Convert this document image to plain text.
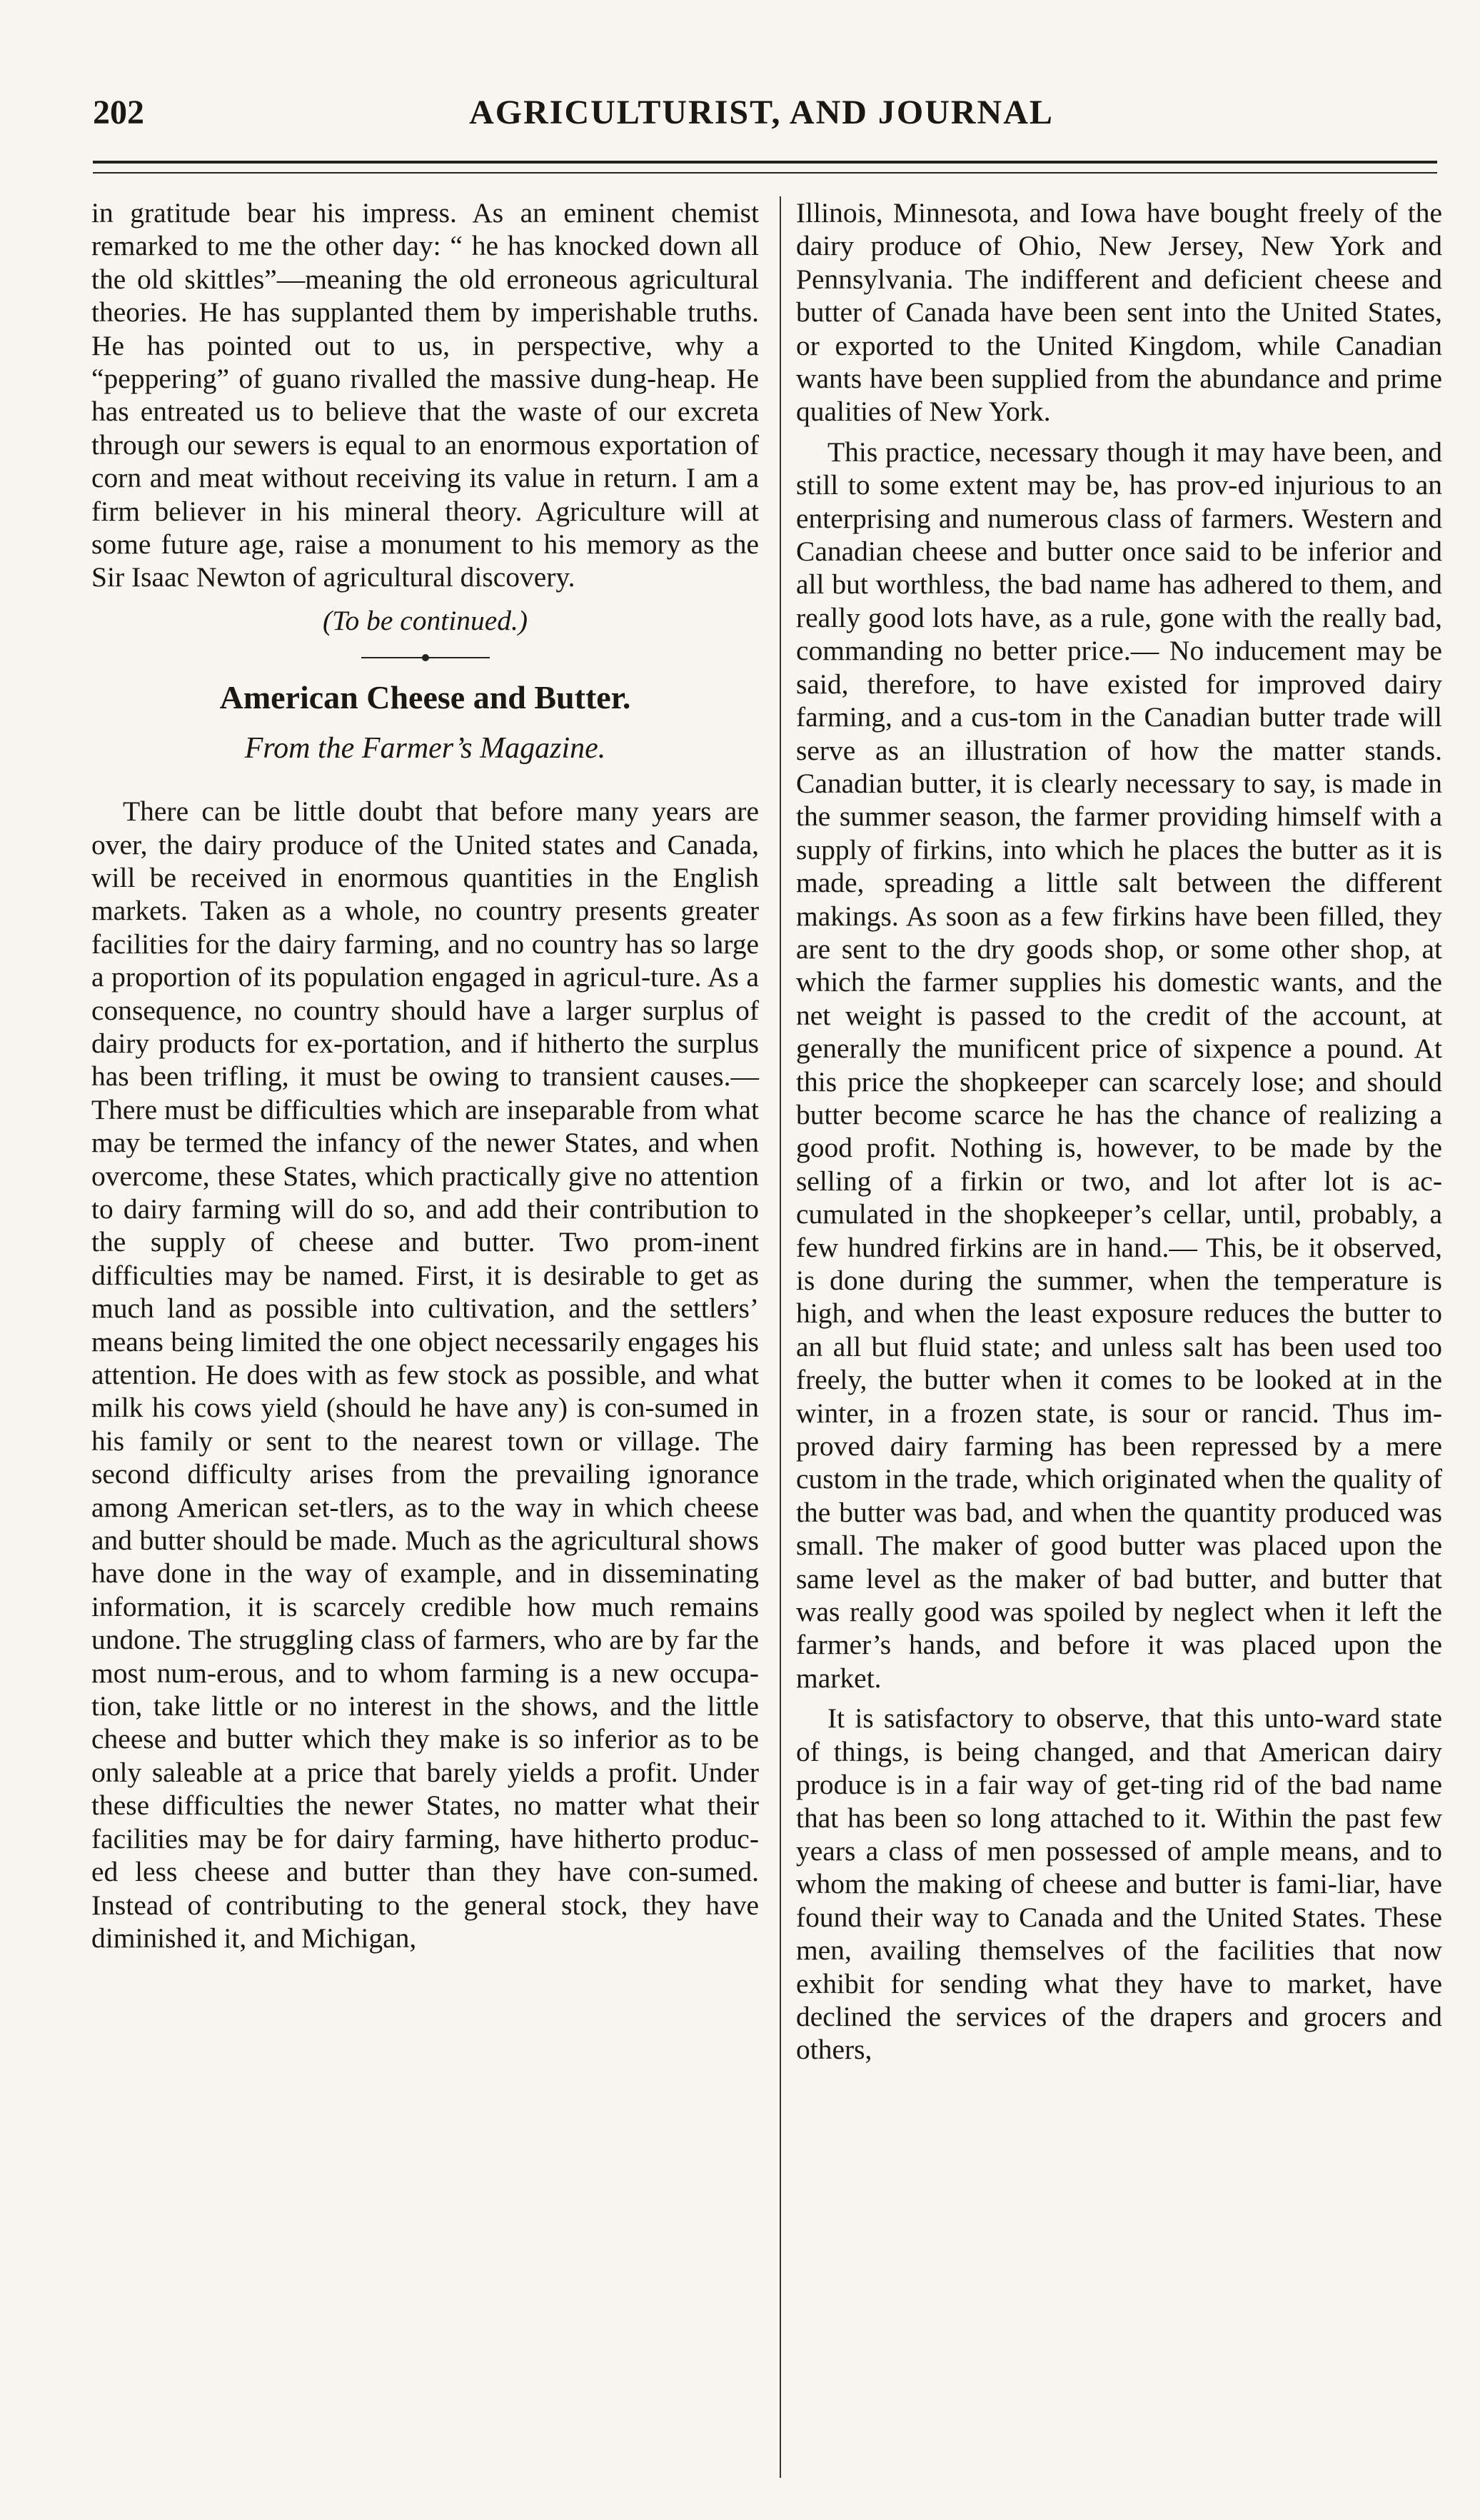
202	AGRICULTURIST, AND JOURNAL

in gratitude bear his impress. As an eminent chemist remarked to me the other day: “ he has knocked down all the old skittles”—meaning the old erroneous agricultural theories. He has supplanted them by imperishable truths. He has pointed out to us, in perspective, why a “peppering” of guano rivalled the massive dung-heap. He has entreated us to believe that the waste of our excreta through our sewers is equal to an enormous exportation of corn and meat without receiving its value in return. I am a firm believer in his mineral theory. Agriculture will at some future age, raise a monument to his memory as the Sir Isaac Newton of agricultural discovery.

(To be continued.)

American Cheese and Butter.
From the Farmer’s Magazine.

There can be little doubt that before many years are over, the dairy produce of the United states and Canada, will be received in enormous quantities in the English markets. Taken as a whole, no country presents greater facilities for the dairy farming, and no country has so large a proportion of its population engaged in agricul-ture. As a consequence, no country should have a larger surplus of dairy products for ex-portation, and if hitherto the surplus has been trifling, it must be owing to transient causes.— There must be difficulties which are inseparable from what may be termed the infancy of the newer States, and when overcome, these States, which practically give no attention to dairy farming will do so, and add their contribution to the supply of cheese and butter. Two prom-inent difficulties may be named. First, it is desirable to get as much land as possible into cultivation, and the settlers’ means being limited the one object necessarily engages his attention. He does with as few stock as possible, and what milk his cows yield (should he have any) is con-sumed in his family or sent to the nearest town or village. The second difficulty arises from the prevailing ignorance among American set-tlers, as to the way in which cheese and butter should be made. Much as the agricultural shows have done in the way of example, and in disseminating information, it is scarcely credible how much remains undone. The struggling class of farmers, who are by far the most num-erous, and to whom farming is a new occupa-tion, take little or no interest in the shows, and the little cheese and butter which they make is so inferior as to be only saleable at a price that barely yields a profit. Under these difficulties the newer States, no matter what their facilities may be for dairy farming, have hitherto produc-ed less cheese and butter than they have con-sumed. Instead of contributing to the general stock, they have diminished it, and Michigan,

Illinois, Minnesota, and Iowa have bought freely of the dairy produce of Ohio, New Jersey, New York and Pennsylvania. The indifferent and deficient cheese and butter of Canada have been sent into the United States, or exported to the United Kingdom, while Canadian wants have been supplied from the abundance and prime qualities of New York.

This practice, necessary though it may have been, and still to some extent may be, has prov-ed injurious to an enterprising and numerous class of farmers. Western and Canadian cheese and butter once said to be inferior and all but worthless, the bad name has adhered to them, and really good lots have, as a rule, gone with the really bad, commanding no better price.— No inducement may be said, therefore, to have existed for improved dairy farming, and a cus-tom in the Canadian butter trade will serve as an illustration of how the matter stands. Canadian butter, it is clearly necessary to say, is made in the summer season, the farmer providing himself with a supply of firkins, into which he places the butter as it is made, spreading a little salt between the different makings. As soon as a few firkins have been filled, they are sent to the dry goods shop, or some other shop, at which the farmer supplies his domestic wants, and the net weight is passed to the credit of the account, at generally the munificent price of sixpence a pound. At this price the shopkeeper can scarcely lose; and should butter become scarce he has the chance of realizing a good profit. Nothing is, however, to be made by the selling of a firkin or two, and lot after lot is ac-cumulated in the shopkeeper’s cellar, until, probably, a few hundred firkins are in hand.— This, be it observed, is done during the summer, when the temperature is high, and when the least exposure reduces the butter to an all but fluid state; and unless salt has been used too freely, the butter when it comes to be looked at in the winter, in a frozen state, is sour or rancid. Thus im-proved dairy farming has been repressed by a mere custom in the trade, which originated when the quality of the butter was bad, and when the quantity produced was small. The maker of good butter was placed upon the same level as the maker of bad butter, and butter that was really good was spoiled by neglect when it left the farmer’s hands, and before it was placed upon the market.

It is satisfactory to observe, that this unto-ward state of things, is being changed, and that American dairy produce is in a fair way of get-ting rid of the bad name that has been so long attached to it. Within the past few years a class of men possessed of ample means, and to whom the making of cheese and butter is fami-liar, have found their way to Canada and the United States. These men, availing themselves of the facilities that now exhibit for sending what they have to market, have declined the services of the drapers and grocers and others,
